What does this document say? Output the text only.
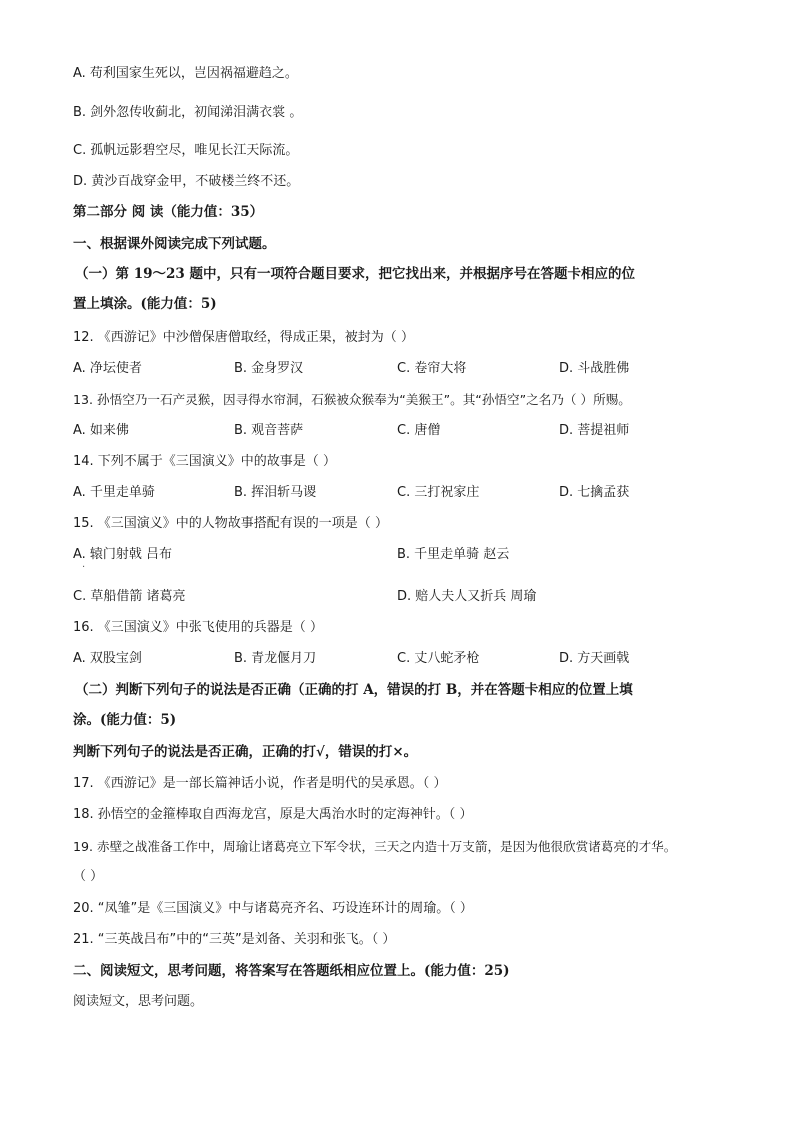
A. 苟利国家生死以，岂因祸福避趋之。
B. 剑外忽传收蓟北，初闻涕泪满衣裳 。
C. 孤帆远影碧空尽，唯见长江天际流。
D. 黄沙百战穿金甲，不破楼兰终不还。
第二部分 阅 读（能力值：35）
一、根据课外阅读完成下列试题。
（一）第 19～23 题中，只有一项符合题目要求，把它找出来，并根据序号在答题卡相应的位
置上填涂。(能力值：5)
12. 《西游记》中沙僧保唐僧取经，得成正果，被封为（ ）
A. 净坛使者	B. 金身罗汉	C. 卷帘大将	D. 斗战胜佛
13. 孙悟空乃一石产灵猴，因寻得水帘洞，石猴被众猴奉为“美猴王”。其“孙悟空”之名乃（ ）所赐。
A. 如来佛	B. 观音菩萨	C. 唐僧	D. 菩提祖师
14. 下列不属于《三国演义》中的故事是（ ）
A. 千里走单骑	B. 挥泪斩马谡	C. 三打祝家庄	D. 七擒孟获
15. 《三国演义》中的人物故事搭配有误的一项是（ ）
A. 辕门射戟 吕布	B. 千里走单骑 赵云
·
C. 草船借箭 诸葛亮	D. 赔人夫人又折兵 周瑜
16. 《三国演义》中张飞使用的兵器是（ ）
A. 双股宝剑	B. 青龙偃月刀	C. 丈八蛇矛枪	D. 方天画戟
（二）判断下列句子的说法是否正确（正确的打 A，错误的打 B，并在答题卡相应的位置上填
涂。(能力值：5)
判断下列句子的说法是否正确，正确的打√，错误的打×。
17. 《西游记》是一部长篇神话小说，作者是明代的吴承恩。（ ）
18. 孙悟空的金箍棒取自西海龙宫，原是大禹治水时的定海神针。（ ）
19. 赤壁之战准备工作中，周瑜让诸葛亮立下军令状，三天之内造十万支箭，是因为他很欣赏诸葛亮的才华。
（ ）
20. “凤雏”是《三国演义》中与诸葛亮齐名、巧设连环计的周瑜。（ ）
21. “三英战吕布”中的“三英”是刘备、关羽和张飞。（ ）
二、阅读短文，思考问题，将答案写在答题纸相应位置上。(能力值：25)
阅读短文，思考问题。
